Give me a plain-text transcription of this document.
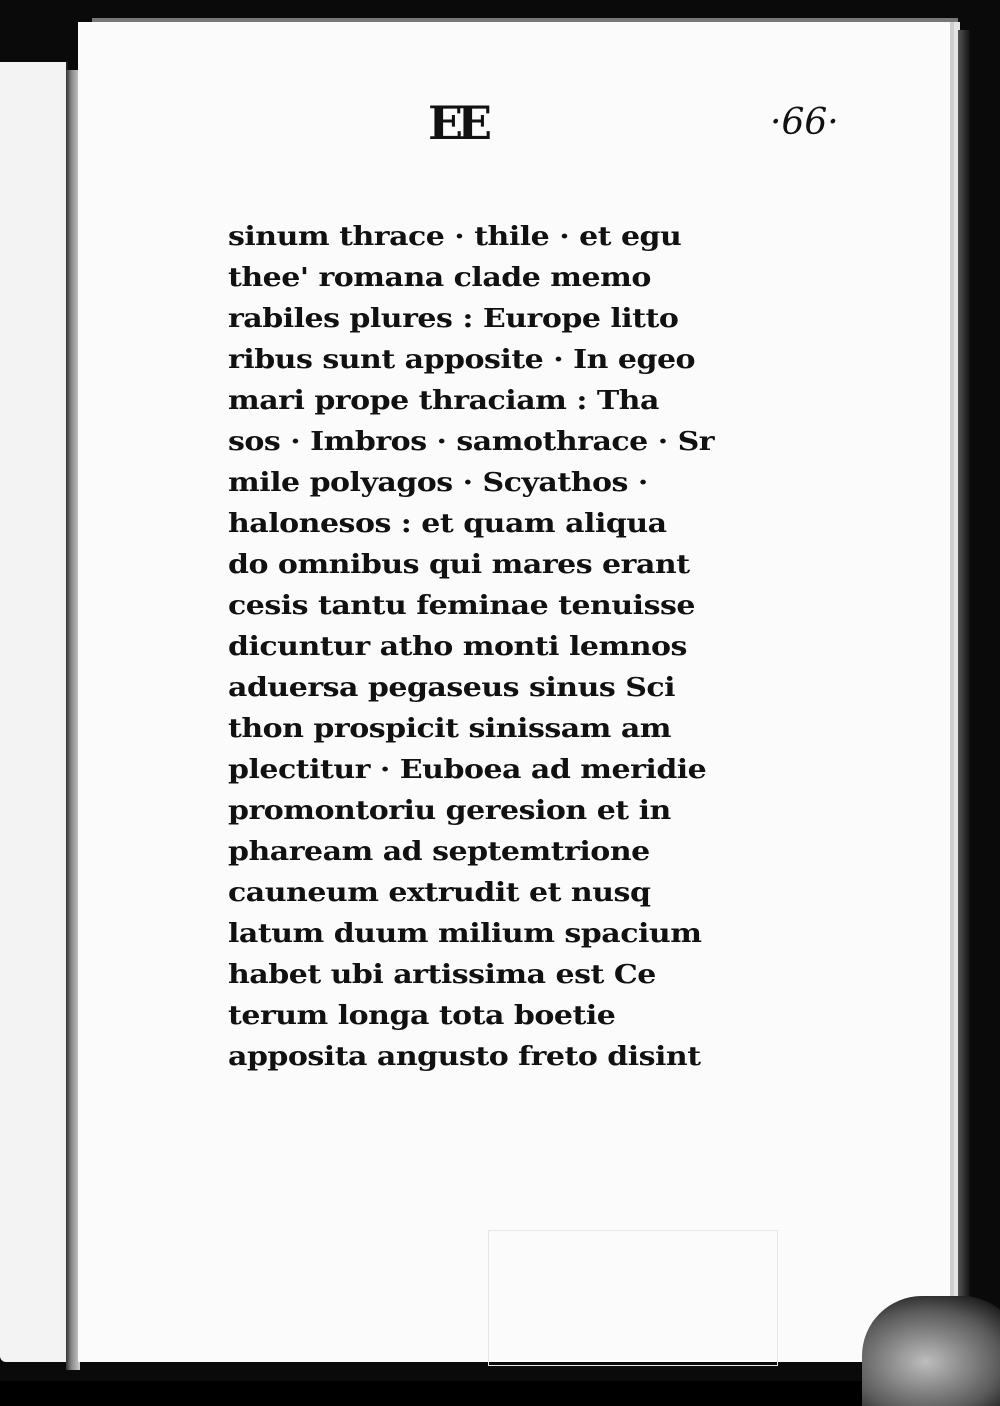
EE	·66·
sinum thrace · thile · et egu
thee' romana clade memo
rabiles plures : Europe litto
ribus sunt apposite · In egeo
mari prope thraciam : Tha
sos · Imbros · samothrace · Sr
mile polyagos · Scyathos ·
halonesos : et quam aliqua
do omnibus qui mares erant
cesis tantu feminae tenuisse
dicuntur atho monti lemnos
aduersa pegaseus sinus Sci
thon prospicit sinissam am
plectitur · Euboea ad meridie
promontoriu geresion et in
phaream ad septemtrione
cauneum extrudit et nusq
latum duum milium spacium
habet ubi artissima est Ce
terum longa tota boetie
apposita angusto freto disint
